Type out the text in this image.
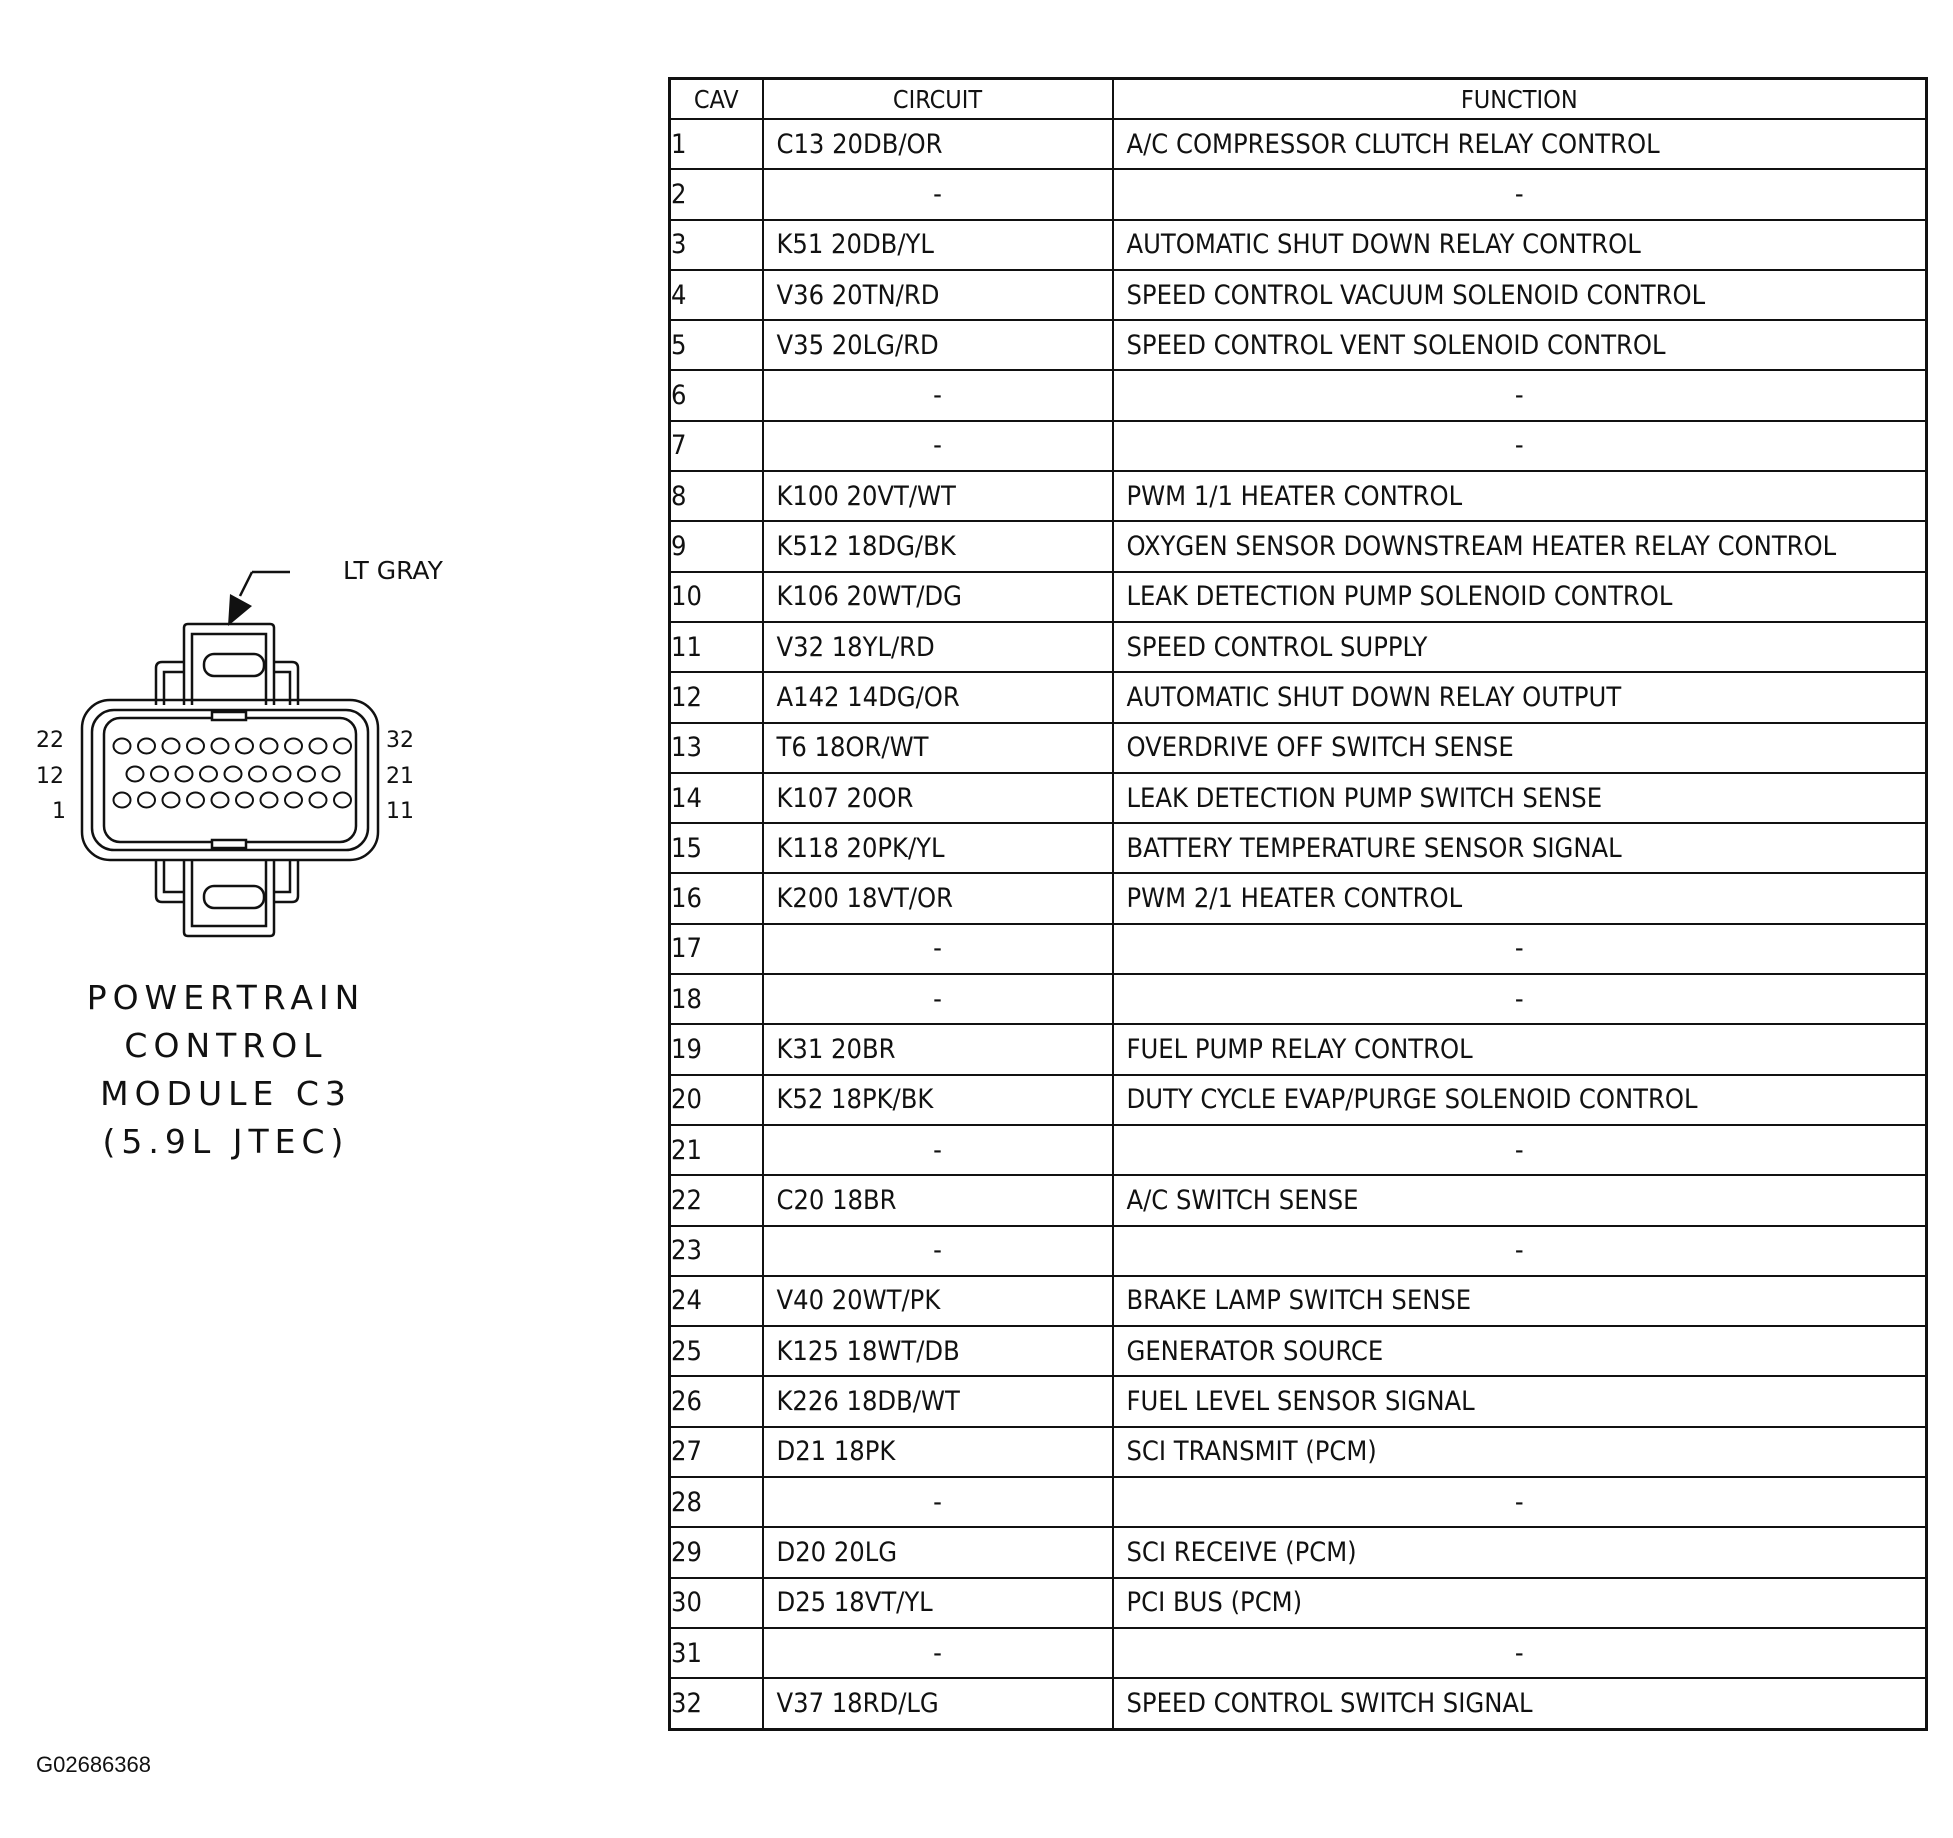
LT GRAY
22
12
1
32
21
11
POWERTRAIN
CONTROL
MODULE C3
(5.9L JTEC)
CAV	CIRCUIT	FUNCTION
1	C13 20DB/OR	A/C COMPRESSOR CLUTCH RELAY CONTROL
2	-	-
3	K51 20DB/YL	AUTOMATIC SHUT DOWN RELAY CONTROL
4	V36 20TN/RD	SPEED CONTROL VACUUM SOLENOID CONTROL
5	V35 20LG/RD	SPEED CONTROL VENT SOLENOID CONTROL
6	-	-
7	-	-
8	K100 20VT/WT	PWM 1/1 HEATER CONTROL
9	K512 18DG/BK	OXYGEN SENSOR DOWNSTREAM HEATER RELAY CONTROL
10	K106 20WT/DG	LEAK DETECTION PUMP SOLENOID CONTROL
11	V32 18YL/RD	SPEED CONTROL SUPPLY
12	A142 14DG/OR	AUTOMATIC SHUT DOWN RELAY OUTPUT
13	T6 18OR/WT	OVERDRIVE OFF SWITCH SENSE
14	K107 20OR	LEAK DETECTION PUMP SWITCH SENSE
15	K118 20PK/YL	BATTERY TEMPERATURE SENSOR SIGNAL
16	K200 18VT/OR	PWM 2/1 HEATER CONTROL
17	-	-
18	-	-
19	K31 20BR	FUEL PUMP RELAY CONTROL
20	K52 18PK/BK	DUTY CYCLE EVAP/PURGE SOLENOID CONTROL
21	-	-
22	C20 18BR	A/C SWITCH SENSE
23	-	-
24	V40 20WT/PK	BRAKE LAMP SWITCH SENSE
25	K125 18WT/DB	GENERATOR SOURCE
26	K226 18DB/WT	FUEL LEVEL SENSOR SIGNAL
27	D21 18PK	SCI TRANSMIT (PCM)
28	-	-
29	D20 20LG	SCI RECEIVE (PCM)
30	D25 18VT/YL	PCI BUS (PCM)
31	-	-
32	V37 18RD/LG	SPEED CONTROL SWITCH SIGNAL
G02686368
